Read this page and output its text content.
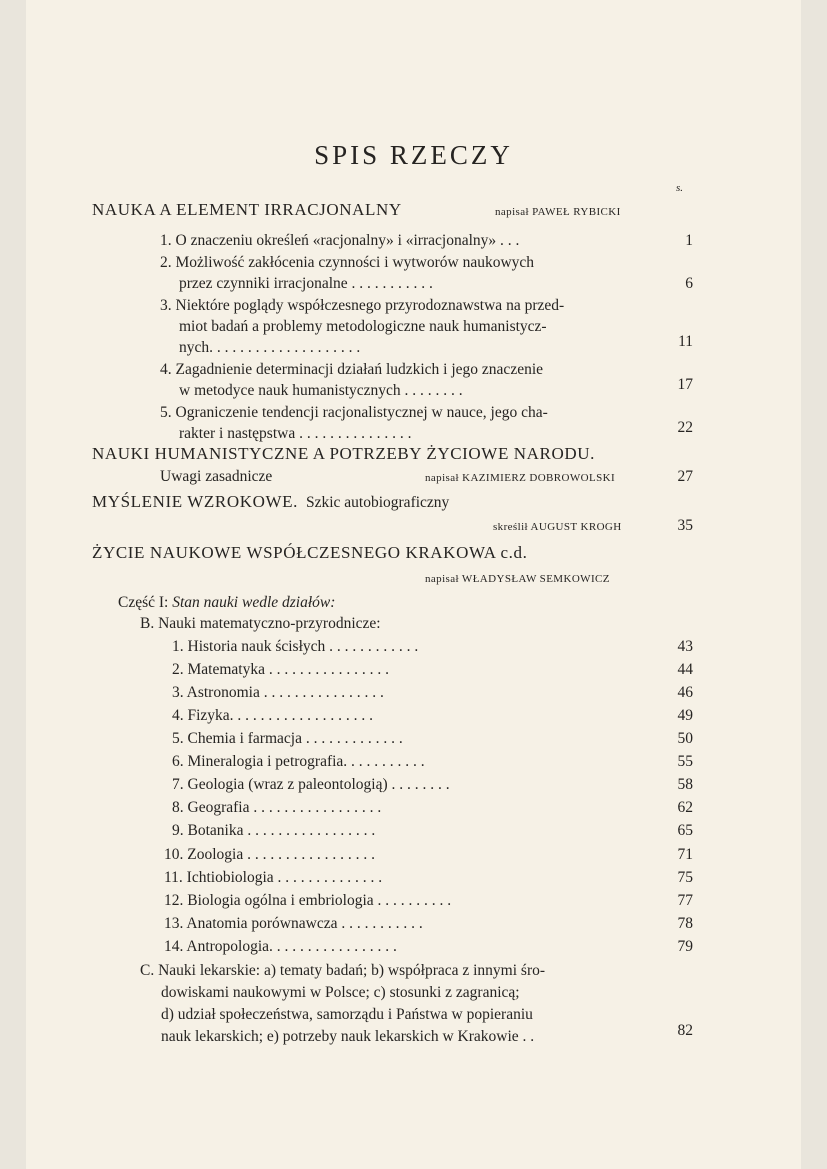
SPIS RZECZY
s.
NAUKA A ELEMENT IRRACJONALNY	napisał PAWEŁ RYBICKI
1. O znaczeniu określeń «racjonalny» i «irracjonalny» . . .	1
2. Możliwość zakłócenia czynności i wytworów naukowych
przez czynniki irracjonalne . . . . . . . . . . .	6
3. Niektóre poglądy współczesnego przyrodoznawstwa na przed-
miot badań a problemy metodologiczne nauk humanistycz-
nych. . . . . . . . . . . . . . . . . . . .	11
4. Zagadnienie determinacji działań ludzkich i jego znaczenie
w metodyce nauk humanistycznych . . . . . . . .	17
5. Ograniczenie tendencji racjonalistycznej w nauce, jego cha-
rakter i następstwa . . . . . . . . . . . . . . .	22
NAUKI HUMANISTYCZNE A POTRZEBY ŻYCIOWE NARODU.
Uwagi zasadnicze	napisał KAZIMIERZ DOBROWOLSKI	27
MYŚLENIE WZROKOWE. Szkic autobiograficzny
skreślił AUGUST KROGH	35
ŻYCIE NAUKOWE WSPÓŁCZESNEGO KRAKOWA c.d.
napisał WŁADYSŁAW SEMKOWICZ
Część I: Stan nauki wedle działów:
B. Nauki matematyczno-przyrodnicze:
1. Historia nauk ścisłych . . . . . . . . . . . .	43
2. Matematyka . . . . . . . . . . . . . . . .	44
3. Astronomia . . . . . . . . . . . . . . . .	46
4. Fizyka. . . . . . . . . . . . . . . . . . .	49
5. Chemia i farmacja . . . . . . . . . . . . .	50
6. Mineralogia i petrografia. . . . . . . . . . .	55
7. Geologia (wraz z paleontologią) . . . . . . . .	58
8. Geografia . . . . . . . . . . . . . . . . .	62
9. Botanika . . . . . . . . . . . . . . . . .	65
10. Zoologia . . . . . . . . . . . . . . . . .	71
11. Ichtiobiologia . . . . . . . . . . . . . .	75
12. Biologia ogólna i embriologia . . . . . . . . . .	77
13. Anatomia porównawcza . . . . . . . . . . .	78
14. Antropologia. . . . . . . . . . . . . . . . .	79
C. Nauki lekarskie: a) tematy badań; b) współpraca z innymi śro-
dowiskami naukowymi w Polsce; c) stosunki z zagranicą;
d) udział społeczeństwa, samorządu i Państwa w popieraniu
nauk lekarskich; e) potrzeby nauk lekarskich w Krakowie . .	82
